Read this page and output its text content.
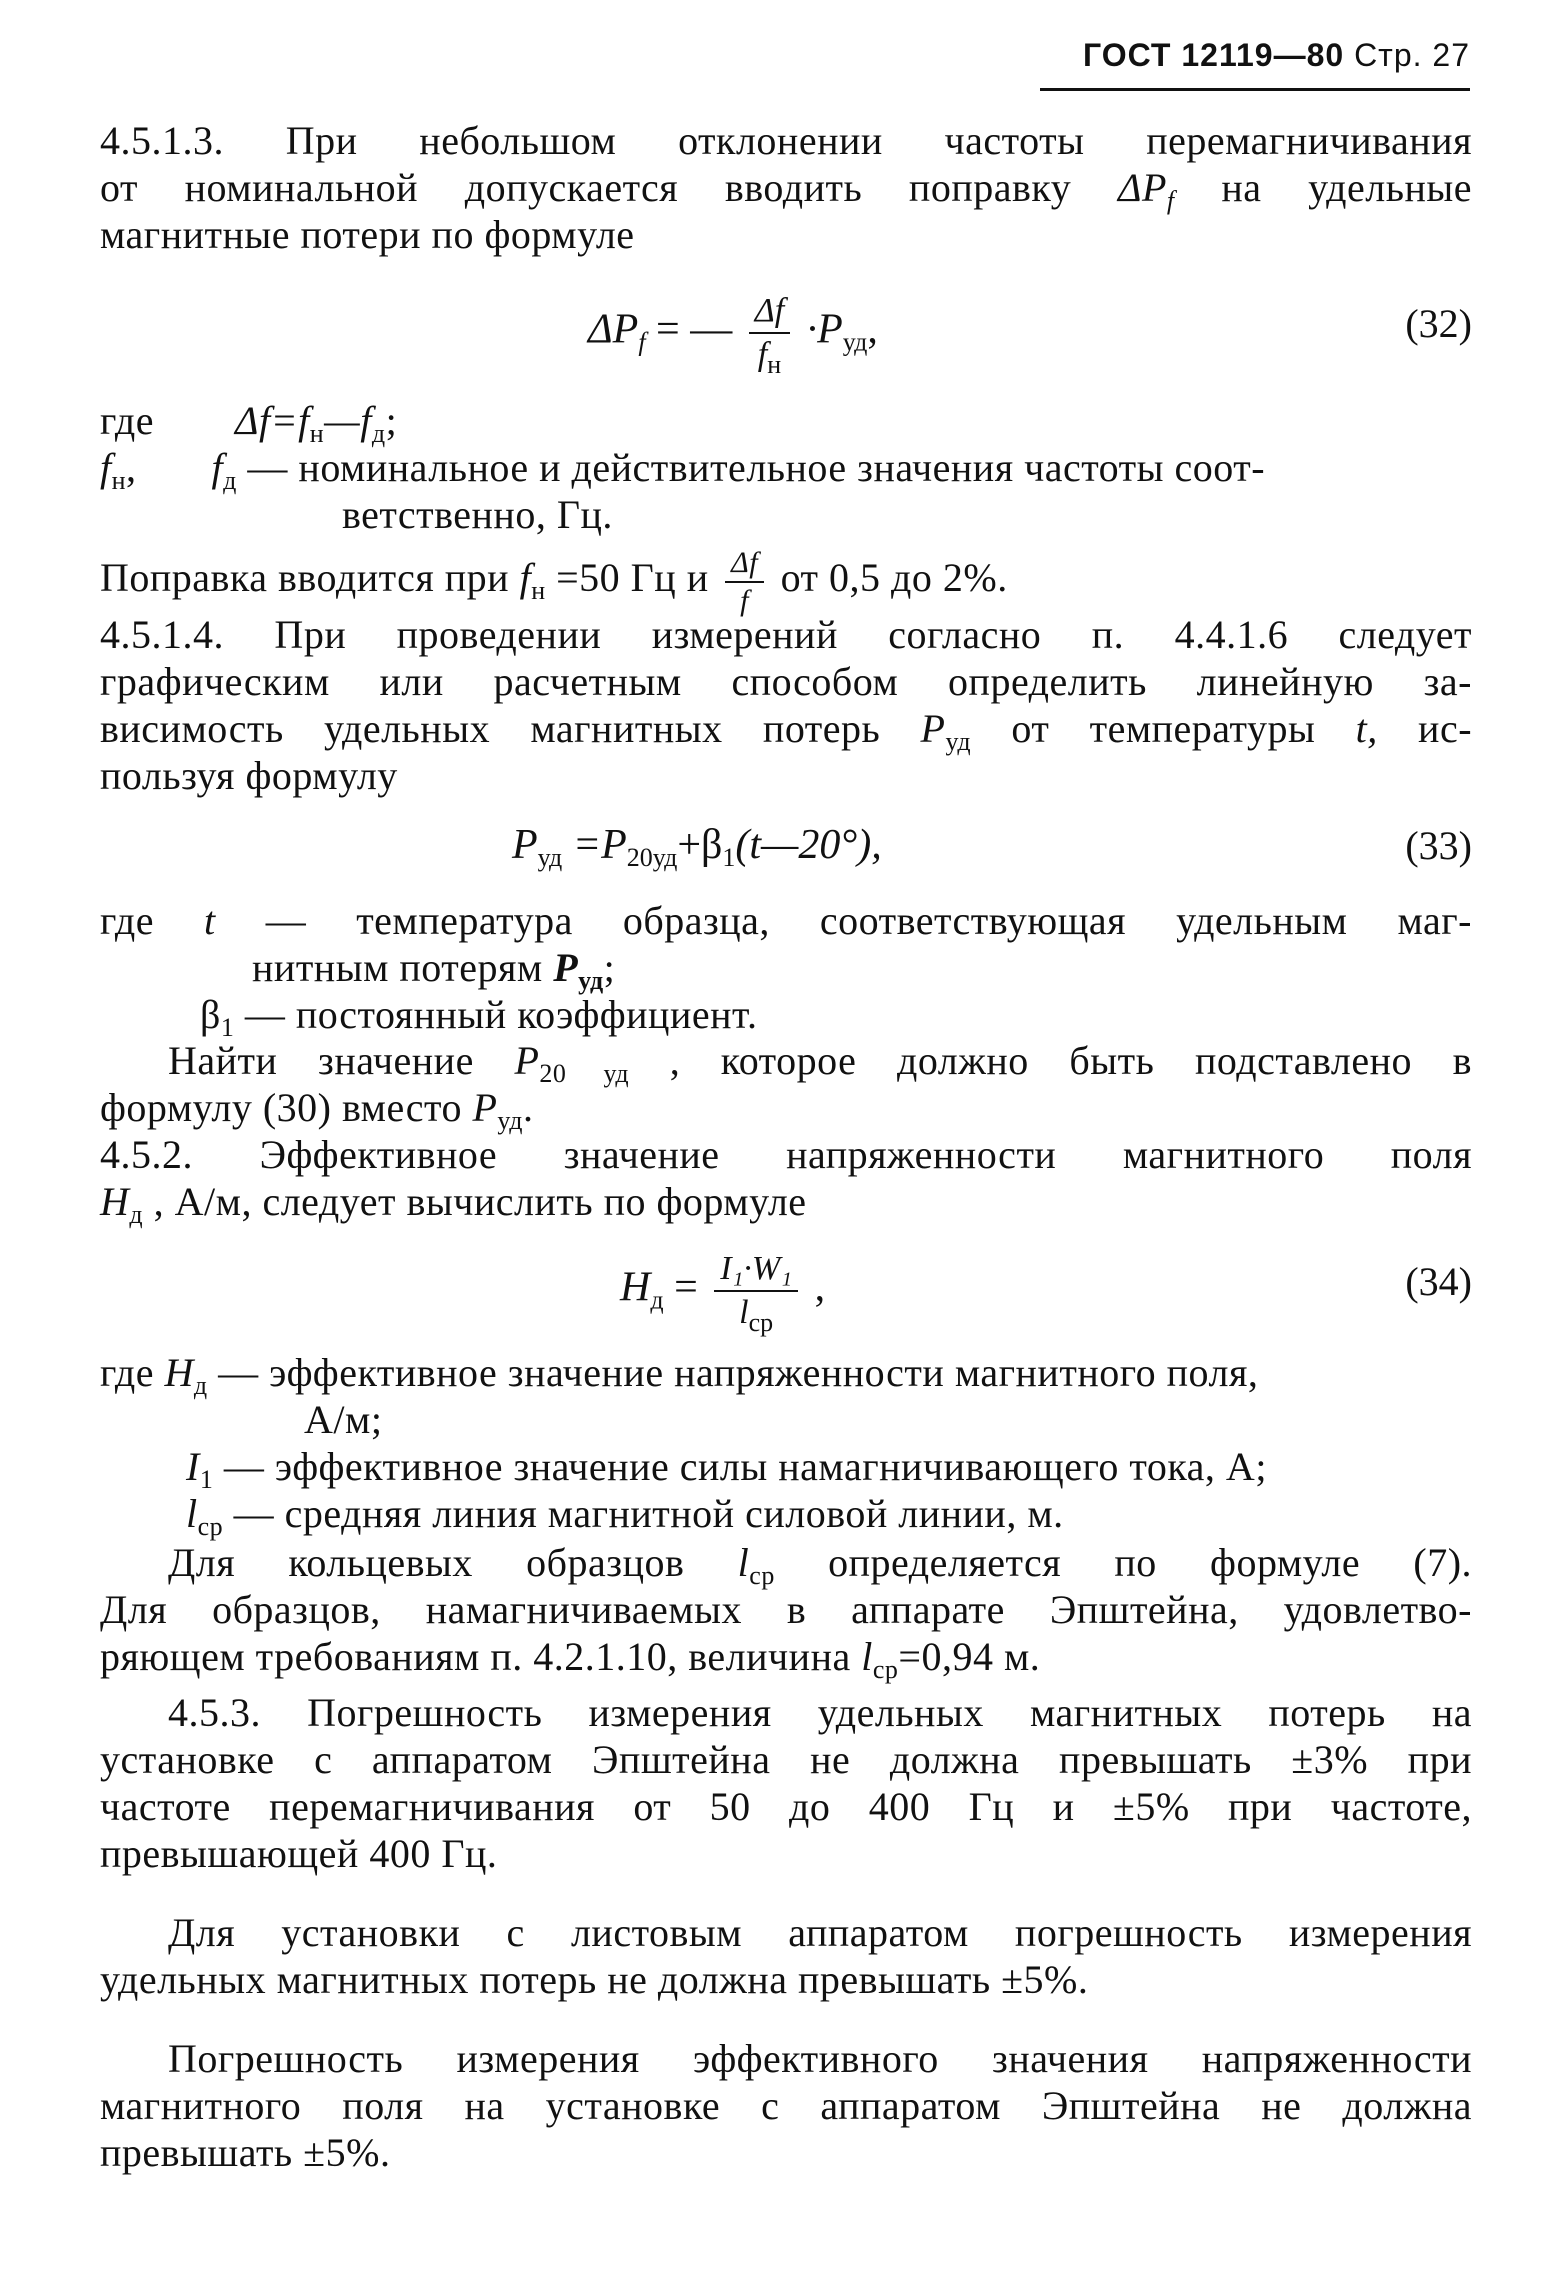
ГОСТ 12119—80 Стр. 27
4.5.1.3. При небольшом отклонении частоты перемагничивания
от номинальной допускается вводить поправку $\Delta P_f$ на удельные
магнитные потери по формуле
$\Delta P_f$ = — $\frac{\Delta f}{f_н} \cdot P_{уд}$,	(32)
где $\Delta f=f_н—f_д$;
$f_н$, $f_д$ — номинальное и действительное значения частоты соот-
ветственно, Гц.
Поправка вводится при $f_н =50$ Гц и $\frac{\Delta f}{f}$ от 0,5 до 2%.
4.5.1.4. При проведении измерений согласно п. 4.4.1.6 следует
графическим или расчетным способом определить линейную за-
висимость удельных магнитных потерь $P_{уд}$ от температуры t, ис-
пользуя формулу
$P_{уд}$ $=P_{20уд}+\beta_1(t—20^\circ)$,	(33)
где t — температура образца, соответствующая удельным маг-
нитным потерям $P_{уд}$;
$\beta_1$ — постоянный коэффициент.
Найти значение $P_{20 уд}$ , которое должно быть подставлено в
формулу (30) вместо $P_{уд}$.
4.5.2. Эффективное значение напряженности магнитного поля
$H_д$ , А/м, следует вычислить по формуле
$H_д = \frac{\text{I₁·W₁}}{l_{ср}}$ ,	(34)
где $H_д$ — эффективное значение напряженности магнитного поля,
А/м;
$I_1$ — эффективное значение силы намагничивающего тока, А;
$l_{ср}$ — средняя линия магнитной силовой линии, м.
Для кольцевых образцов $l_{ср}$ определяется по формуле (7).
Для образцов, намагничиваемых в аппарате Эпштейна, удовлетво-
ряющем требованиям п. 4.2.1.10, величина $l_{ср}=0,94$ м.
4.5.3. Погрешность измерения удельных магнитных потерь на
установке с аппаратом Эпштейна не должна превышать ±3% при
частоте перемагничивания от 50 до 400 Гц и ±5% при частоте,
превышающей 400 Гц.
Для установки с листовым аппаратом погрешность измерения
удельных магнитных потерь не должна превышать ±5%.
Погрешность измерения эффективного значения напряженности
магнитного поля на установке с аппаратом Эпштейна не должна
превышать ±5%.
